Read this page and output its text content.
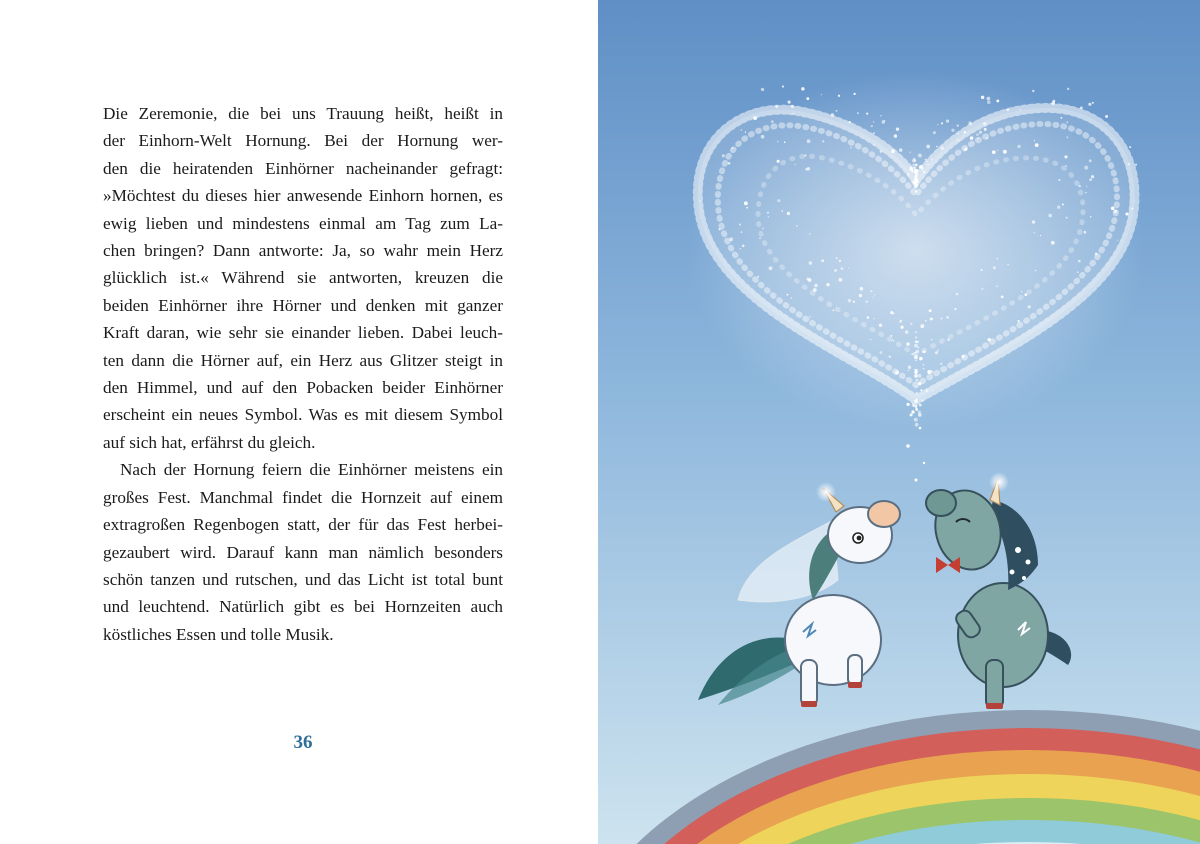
Die Zeremonie, die bei uns Trauung heißt, heißt in
der Einhorn-Welt Hornung. Bei der Hornung wer-
den die heiratenden Einhörner nacheinander gefragt:
»Möchtest du dieses hier anwesende Einhorn hornen, es
ewig lieben und mindestens einmal am Tag zum La-
chen bringen? Dann antworte: Ja, so wahr mein Herz
glücklich ist.« Während sie antworten, kreuzen die
beiden Einhörner ihre Hörner und denken mit ganzer
Kraft daran, wie sehr sie einander lieben. Dabei leuch-
ten dann die Hörner auf, ein Herz aus Glitzer steigt in
den Himmel, und auf den Pobacken beider Einhörner
erscheint ein neues Symbol. Was es mit diesem Symbol
auf sich hat, erfährst du gleich.
Nach der Hornung feiern die Einhörner meistens ein
großes Fest. Manchmal findet die Hornzeit auf einem
extragroßen Regenbogen statt, der für das Fest herbei-
gezaubert wird. Darauf kann man nämlich besonders
schön tanzen und rutschen, und das Licht ist total bunt
und leuchtend. Natürlich gibt es bei Hornzeiten auch
köstliches Essen und tolle Musik.
36
